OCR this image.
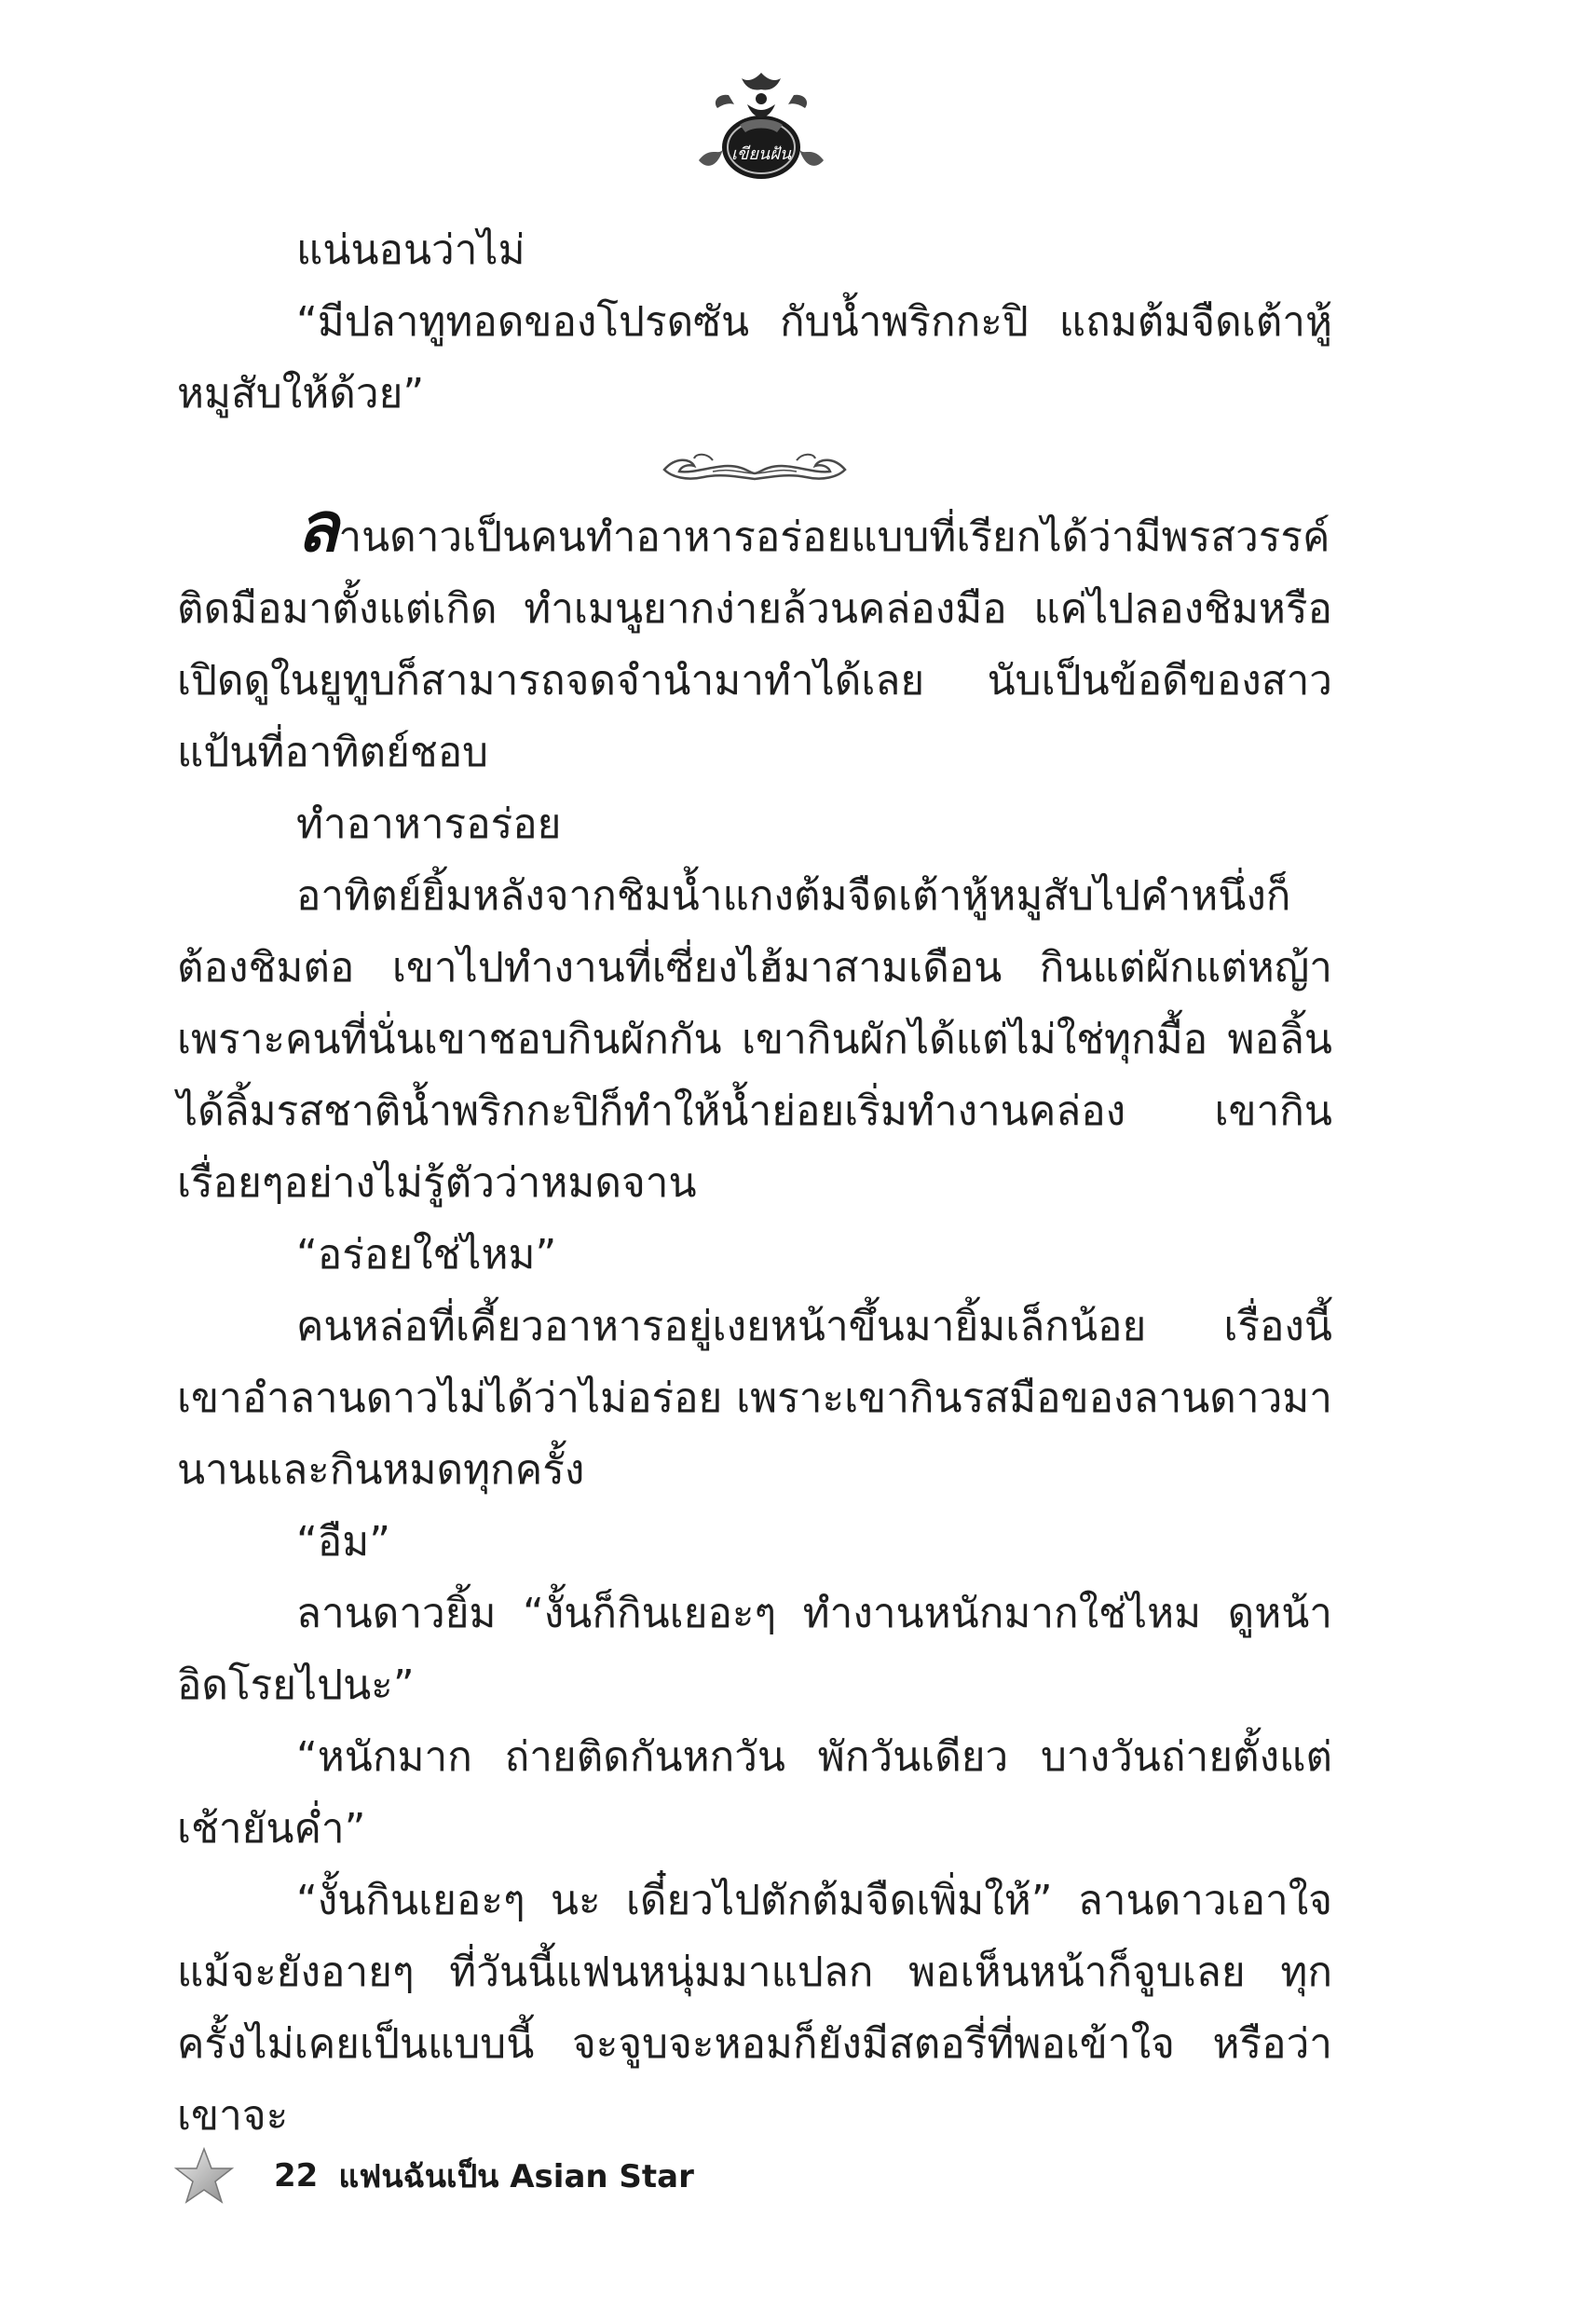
เขียนฝัน

แน่นอนว่าไม่

“มีปลาทูทอดของโปรดซัน กับน้ำพริกกะปิ แถมต้มจืดเต้าหู้หมูสับให้ด้วย”

ลานดาวเป็นคนทำอาหารอร่อยแบบที่เรียกได้ว่ามีพรสวรรค์ติดมือมาตั้งแต่เกิด ทำเมนูยากง่ายล้วนคล่องมือ แค่ไปลองชิมหรือเปิดดูในยูทูบก็สามารถจดจำนำมาทำได้เลย นับเป็นข้อดีของสาวแป้นที่อาทิตย์ชอบ

ทำอาหารอร่อย

อาทิตย์ยิ้มหลังจากชิมน้ำแกงต้มจืดเต้าหู้หมูสับไปคำหนึ่งก็ต้องชิมต่อ เขาไปทำงานที่เซี่ยงไฮ้มาสามเดือน กินแต่ผักแต่หญ้า เพราะคนที่นั่นเขาชอบกินผักกัน เขากินผักได้แต่ไม่ใช่ทุกมื้อ พอลิ้นได้ลิ้มรสชาติน้ำพริกกะปิก็ทำให้น้ำย่อยเริ่มทำงานคล่อง เขากินเรื่อยๆอย่างไม่รู้ตัวว่าหมดจาน

“อร่อยใช่ไหม”

คนหล่อที่เคี้ยวอาหารอยู่เงยหน้าขึ้นมายิ้มเล็กน้อย เรื่องนี้เขาอำลานดาวไม่ได้ว่าไม่อร่อย เพราะเขากินรสมือของลานดาวมานานและกินหมดทุกครั้ง

“อืม”

ลานดาวยิ้ม “งั้นก็กินเยอะๆ ทำงานหนักมากใช่ไหม ดูหน้าอิดโรยไปนะ”

“หนักมาก ถ่ายติดกันหกวัน พักวันเดียว บางวันถ่ายตั้งแต่เช้ายันค่ำ”

“งั้นกินเยอะๆ นะ เดี๋ยวไปตักต้มจืดเพิ่มให้” ลานดาวเอาใจแม้จะยังอายๆ ที่วันนี้แฟนหนุ่มมาแปลก พอเห็นหน้าก็จูบเลย ทุกครั้งไม่เคยเป็นแบบนี้ จะจูบจะหอมก็ยังมีสตอรี่ที่พอเข้าใจ หรือว่าเขาจะ

22 แฟนฉันเป็น Asian Star
